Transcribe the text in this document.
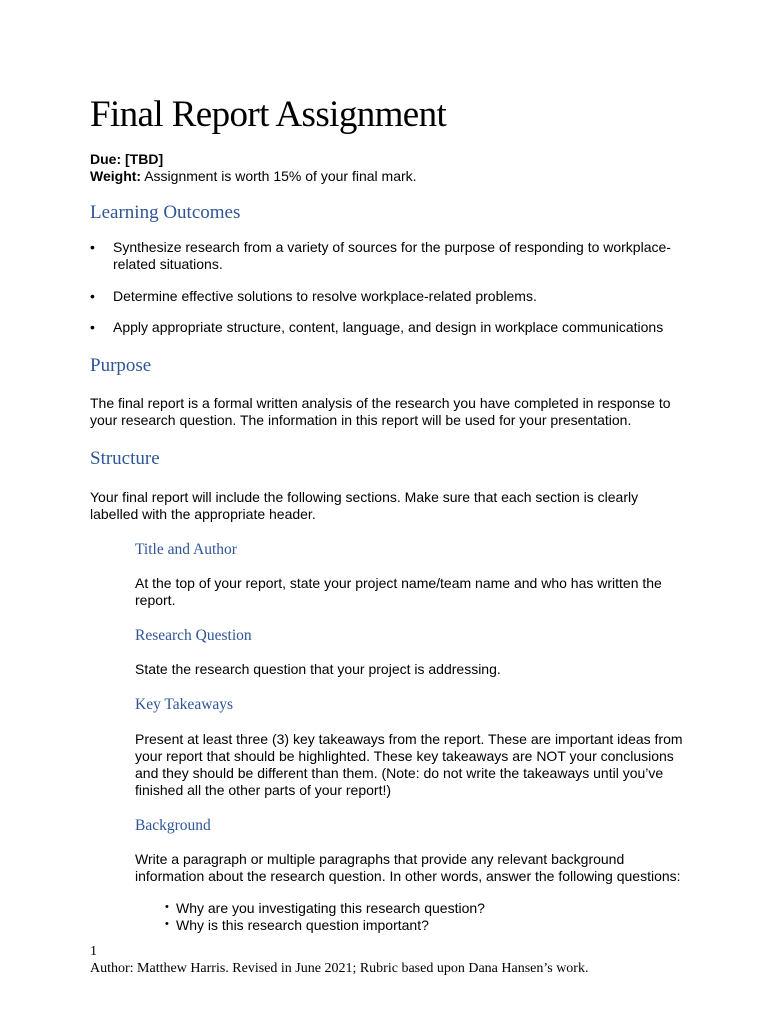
Final Report Assignment
Due: [TBD]
Weight: Assignment is worth 15% of your final mark.
Learning Outcomes
• Synthesize research from a variety of sources for the purpose of responding to workplace-related situations.
• Determine effective solutions to resolve workplace-related problems.
• Apply appropriate structure, content, language, and design in workplace communications
Purpose

The final report is a formal written analysis of the research you have completed in response to your research question. The information in this report will be used for your presentation.

Structure

Your final report will include the following sections. Make sure that each section is clearly labelled with the appropriate header.

Title and Author

At the top of your report, state your project name/team name and who has written the report.

Research Question

State the research question that your project is addressing.

Key Takeaways

Present at least three (3) key takeaways from the report. These are important ideas from your report that should be highlighted. These key takeaways are NOT your conclusions and they should be different than them. (Note: do not write the takeaways until you’ve finished all the other parts of your report!)

Background

Write a paragraph or multiple paragraphs that provide any relevant background information about the research question. In other words, answer the following questions:

• Why are you investigating this research question?
• Why is this research question important?
1
Author: Matthew Harris. Revised in June 2021; Rubric based upon Dana Hansen’s work.
